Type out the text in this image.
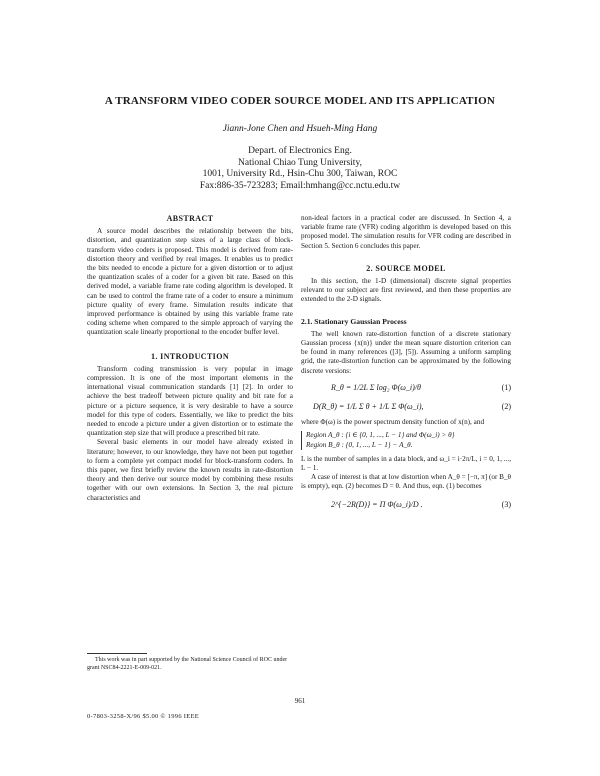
A TRANSFORM VIDEO CODER SOURCE MODEL AND ITS APPLICATION
Jiann-Jone Chen and Hsueh-Ming Hang
Depart. of Electronics Eng.
National Chiao Tung University,
1001, University Rd., Hsin-Chu 300, Taiwan, ROC
Fax:886-35-723283; Email:hmhang@cc.nctu.edu.tw
ABSTRACT

A source model describes the relationship between the bits, distortion, and quantization step sizes of a large class of block-transform video coders is proposed. This model is derived from rate-distortion theory and verified by real images. It enables us to predict the bits needed to encode a picture for a given distortion or to adjust the quantization scales of a coder for a given bit rate. Based on this derived model, a variable frame rate coding algorithm is developed. It can be used to control the frame rate of a coder to ensure a minimum picture quality of every frame. Simulation results indicate that improved performance is obtained by using this variable frame rate coding scheme when compared to the simple approach of varying the quantization scale linearly proportional to the encoder buffer level.

1. INTRODUCTION

Transform coding transmission is very popular in image compression. It is one of the most important elements in the international visual communication standards [1] [2]. In order to achieve the best tradeoff between picture quality and bit rate for a picture or a picture sequence, it is very desirable to have a source model for this type of coders. Essentially, we like to predict the bits needed to encode a picture under a given distortion or to estimate the quantization step size that will produce a prescribed bit rate.

Several basic elements in our model have already existed in literature; however, to our knowledge, they have not been put together to form a complete yet compact model for block-transform coders. In this paper, we first briefly review the known results in rate-distortion theory and then derive our source model by combining these results together with our own extensions. In Section 3, the real picture characteristics and

This work was in part supported by the National Science Council of ROC under grant NSC84-2221-E-009-021.

non-ideal factors in a practical coder are discussed. In Section 4, a variable frame rate (VFR) coding algorithm is developed based on this proposed model. The simulation results for VFR coding are described in Section 5. Section 6 concludes this paper.

2. SOURCE MODEL

In this section, the 1-D (dimensional) discrete signal properties relevant to our subject are first reviewed, and then these properties are extended to the 2-D signals.

2.1. Stationary Gaussian Process

The well known rate-distortion function of a discrete stationary Gaussian process {x(n)} under the mean square distortion criterion can be found in many references ([3], [5]). Assuming a uniform sampling grid, the rate-distortion function can be approximated by the following discrete versions:

R_θ = 1/2L Σ log₂ Φ(ω_i)/θ	(1)
D(R_θ) = 1/L Σ θ + 1/L Σ Φ(ω_i),	(2)

where Φ(ω) is the power spectrum density function of x(n), and

Region A_θ : {i ∈ {0, 1, ..., L − 1} and Φ(ω_i) > θ}
Region B_θ : {0, 1, ..., L − 1} − A_θ.

L is the number of samples in a data block, and ω_i = i·2π/L, i = 0, 1, ..., L − 1.

A case of interest is that at low distortion when A_θ = [−π, π] (or B_θ is empty), eqn. (2) becomes D = θ. And thus, eqn. (1) becomes

2^{−2R(D)} = Π Φ(ω_i)/D .	(3)
961
0-7803-3258-X/96 $5.00 © 1996 IEEE
